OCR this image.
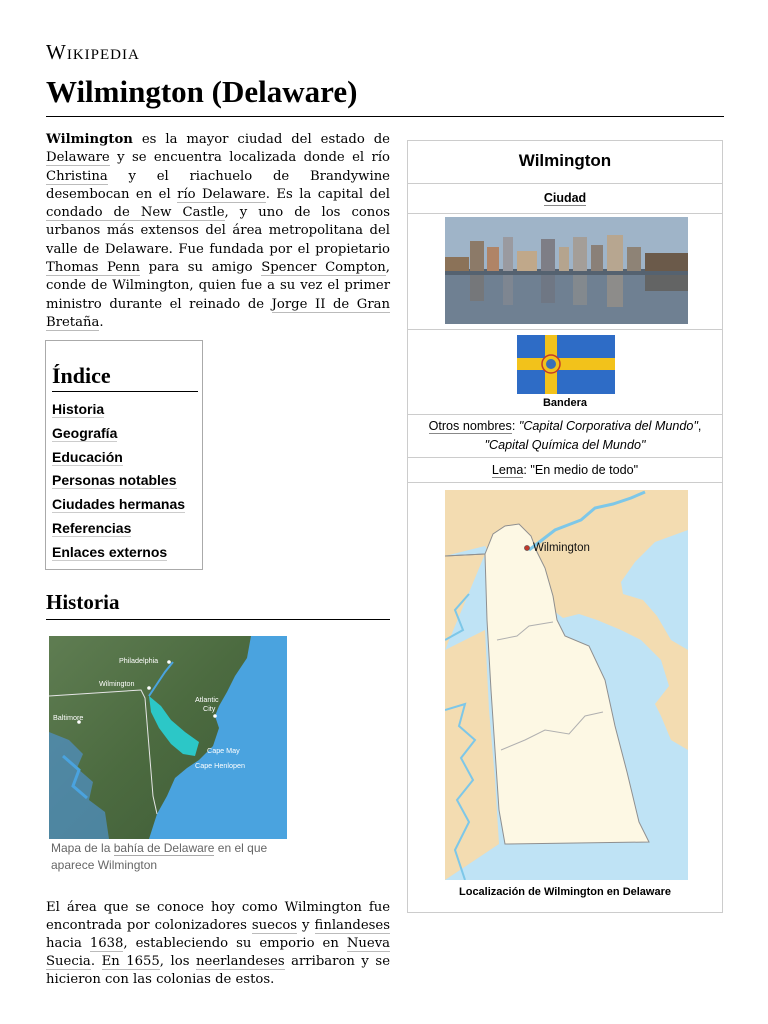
Wikipedia
Wilmington (Delaware)
Wilmington es la mayor ciudad del estado de Delaware y se encuentra localizada donde el río Christina y el riachuelo de Brandywine desembocan en el río Delaware. Es la capital del condado de New Castle, y uno de los conos urbanos más extensos del área metropolitana del valle de Delaware. Fue fundada por el propietario Thomas Penn para su amigo Spencer Compton, conde de Wilmington, quien fue a su vez el primer ministro durante el reinado de Jorge II de Gran Bretaña.
Índice
Historia
Geografía
Educación
Personas notables
Ciudades hermanas
Referencias
Enlaces externos
Historia
Philadelphia
Wilmington
Atlantic
City
Baltimore
Cape May
Cape Henlopen
Mapa de la bahía de Delaware en el que aparece Wilmington
El área que se conoce hoy como Wilmington fue encontrada por colonizadores suecos y finlandeses hacia 1638, estableciendo su emporio en Nueva Suecia. En 1655, los neerlandeses arribaron y se hicieron con las colonias de estos.
Wilmington
Ciudad
Bandera
Otros nombres: "Capital Corporativa del Mundo",
"Capital Química del Mundo"
Lema: "En medio de todo"
Wilmington
Localización de Wilmington en Delaware
